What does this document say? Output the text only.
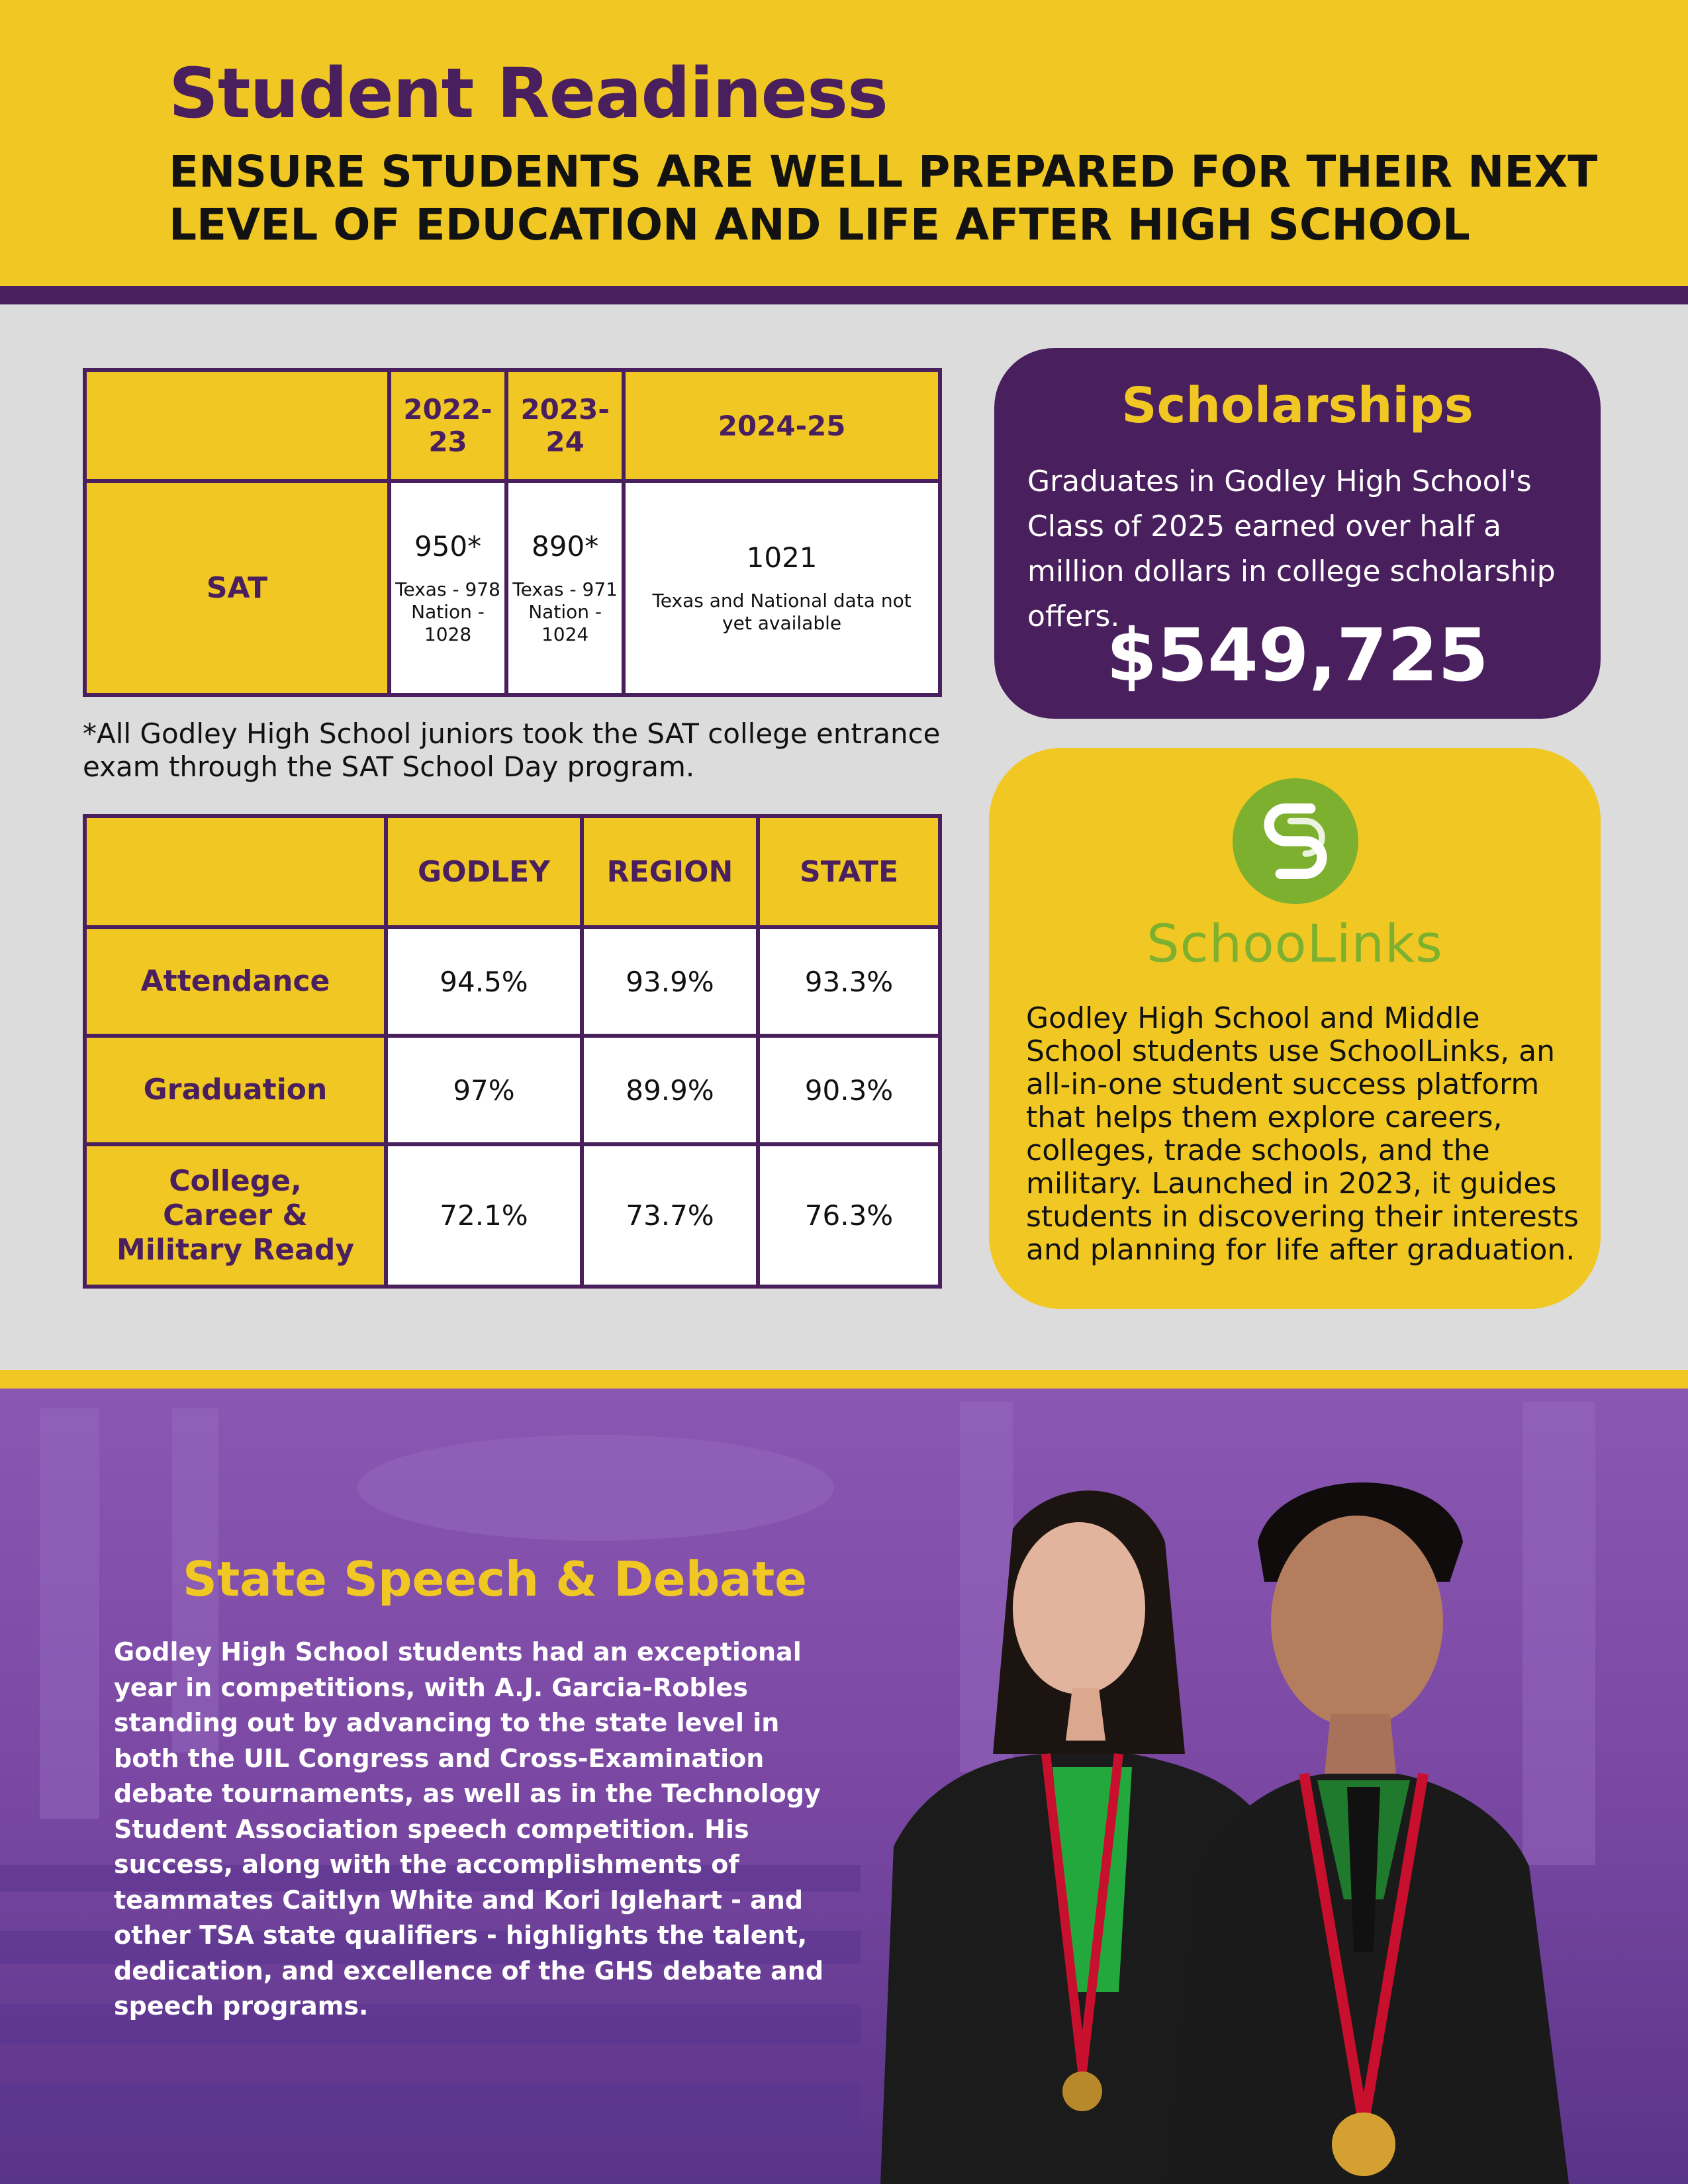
Student Readiness
ENSURE STUDENTS ARE WELL PREPARED FOR THEIR NEXT LEVEL OF EDUCATION AND LIFE AFTER HIGH SCHOOL
	2022-23	2023-24	2024-25
SAT	950*
Texas - 978
Nation - 1028	890*
Texas - 971
Nation - 1024	1021
Texas and National data not yet available

*All Godley High School juniors took the SAT college entrance exam through the SAT School Day program.

	GODLEY	REGION	STATE
Attendance	94.5%	93.9%	93.3%
Graduation	97%	89.9%	90.3%
College, Career & Military Ready	72.1%	73.7%	76.3%
Scholarships

Graduates in Godley High School's Class of 2025 earned over half a million dollars in college scholarship offers.

$549,725
SchooLinks

Godley High School and Middle School students use SchoolLinks, an all-in-one student success platform that helps them explore careers, colleges, trade schools, and the military. Launched in 2023, it guides students in discovering their interests and planning for life after graduation.

State Speech & Debate

Godley High School students had an exceptional year in competitions, with A.J. Garcia-Robles standing out by advancing to the state level in both the UIL Congress and Cross-Examination debate tournaments, as well as in the Technology Student Association speech competition. His success, along with the accomplishments of teammates Caitlyn White and Kori Iglehart - and other TSA state qualifiers - highlights the talent, dedication, and excellence of the GHS debate and speech programs.
